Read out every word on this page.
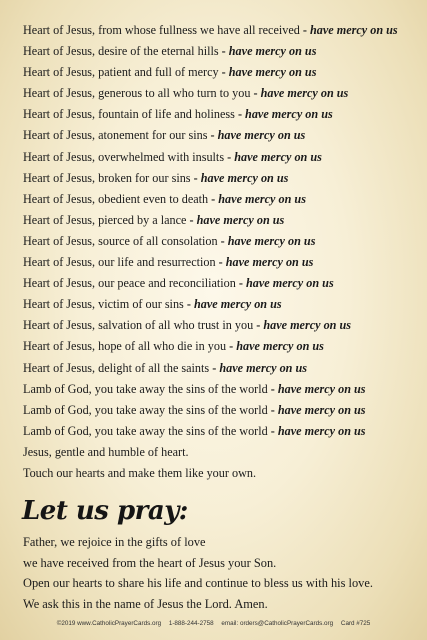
Heart of Jesus, from whose fullness we have all received - have mercy on us
Heart of Jesus, desire of the eternal hills - have mercy on us
Heart of Jesus, patient and full of mercy - have mercy on us
Heart of Jesus, generous to all who turn to you - have mercy on us
Heart of Jesus, fountain of life and holiness - have mercy on us
Heart of Jesus, atonement for our sins - have mercy on us
Heart of Jesus, overwhelmed with insults - have mercy on us
Heart of Jesus, broken for our sins - have mercy on us
Heart of Jesus, obedient even to death - have mercy on us
Heart of Jesus, pierced by a lance - have mercy on us
Heart of Jesus, source of all consolation - have mercy on us
Heart of Jesus, our life and resurrection - have mercy on us
Heart of Jesus, our peace and reconciliation - have mercy on us
Heart of Jesus, victim of our sins - have mercy on us
Heart of Jesus, salvation of all who trust in you - have mercy on us
Heart of Jesus, hope of all who die in you - have mercy on us
Heart of Jesus, delight of all the saints - have mercy on us
Lamb of God, you take away the sins of the world - have mercy on us
Lamb of God, you take away the sins of the world - have mercy on us
Lamb of God, you take away the sins of the world - have mercy on us
Jesus, gentle and humble of heart.
Touch our hearts and make them like your own.
Let us pray:
Father, we rejoice in the gifts of love
we have received from the heart of Jesus your Son.
Open our hearts to share his life and continue to bless us with his love.
We ask this in the name of Jesus the Lord. Amen.
©2019 www.CatholicPrayerCards.org 1-888-244-2758 email: orders@CatholicPrayerCards.org Card #725
